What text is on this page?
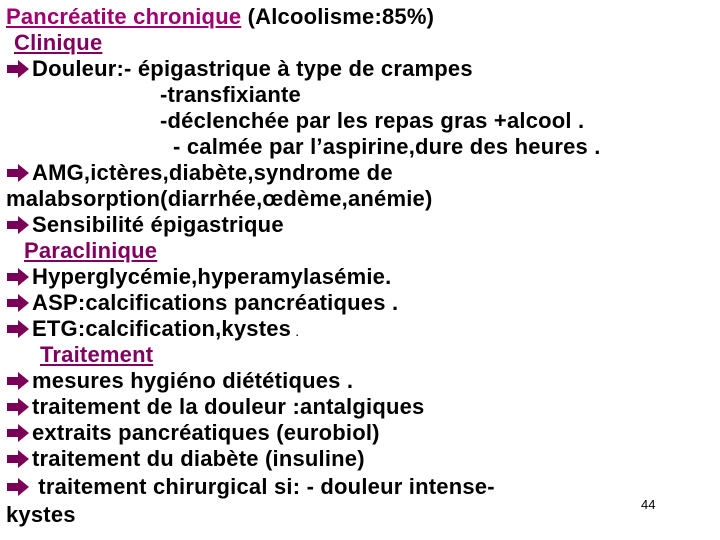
Pancréatite chronique (Alcoolisme:85%)
Clinique
Douleur:- épigastrique à type de crampes
-transfixiante
-déclenchée par les repas gras +alcool .
- calmée par l’aspirine,dure des heures .
AMG,ictères,diabète,syndrome de
malabsorption(diarrhée,œdème,anémie)
Sensibilité épigastrique
Paraclinique
Hyperglycémie,hyperamylasémie.
ASP:calcifications pancréatiques .
ETG:calcification,kystes .
Traitement
mesures hygiéno diététiques .
traitement de la douleur :antalgiques
extraits pancréatiques (eurobiol)
traitement du diabète (insuline)
traitement chirurgical si: - douleur intense-
kystes	44
